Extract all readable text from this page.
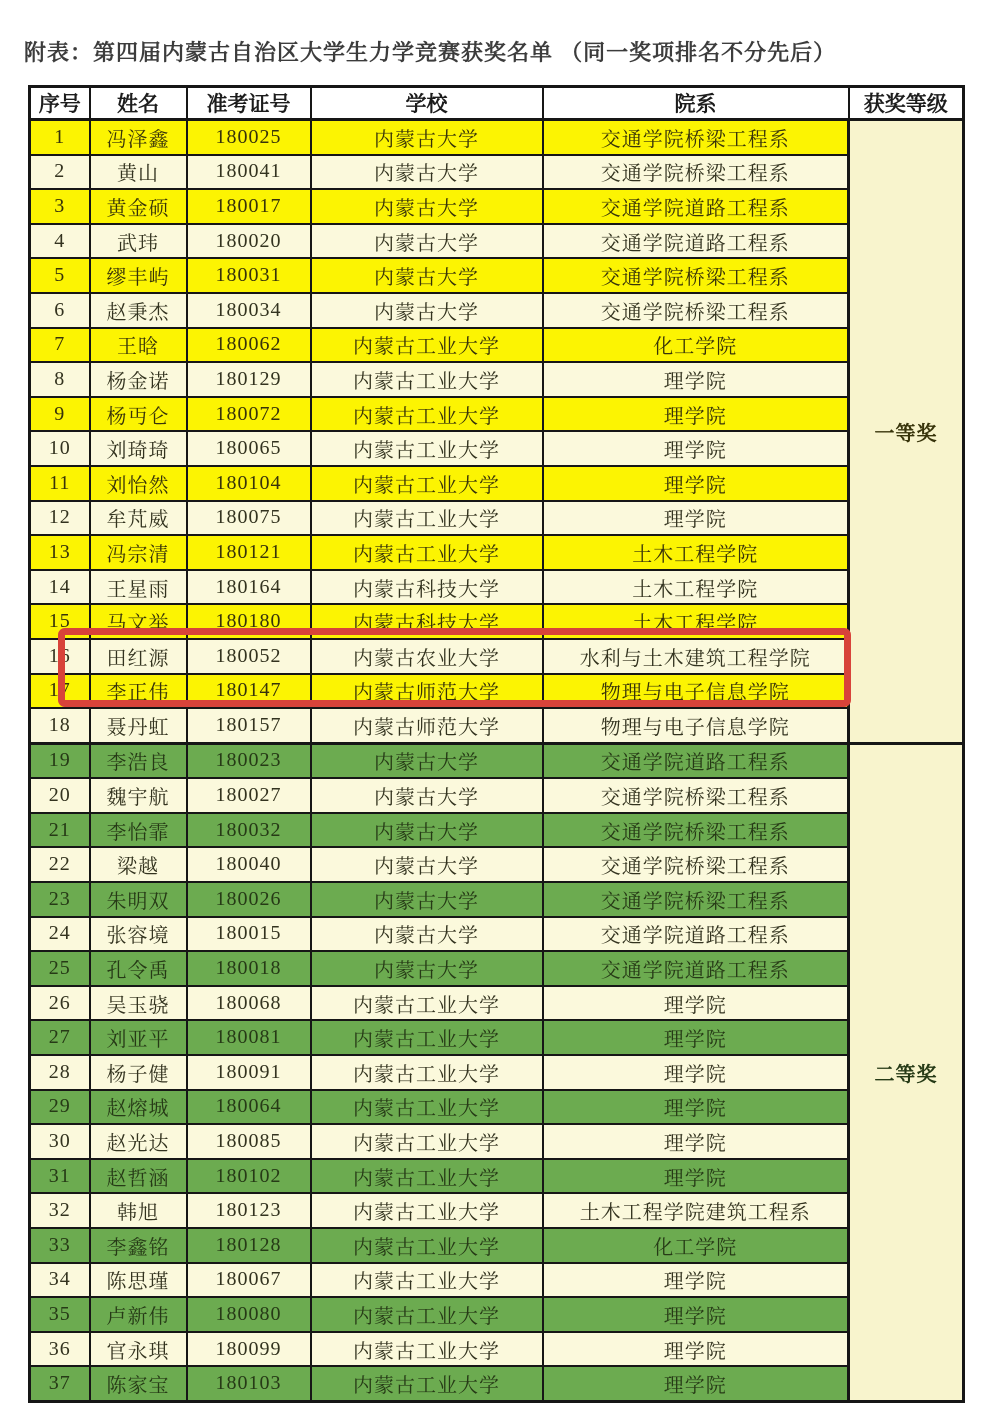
附表：第四届内蒙古自治区大学生力学竞赛获奖名单 （同一奖项排名不分先后）
序号	姓名	准考证号	学校	院系	获奖等级
1	冯泽鑫	180025	内蒙古大学	交通学院桥梁工程系	一等奖
2	黄山	180041	内蒙古大学	交通学院桥梁工程系	
3	黄金硕	180017	内蒙古大学	交通学院道路工程系	
4	武玮	180020	内蒙古大学	交通学院道路工程系	
5	缪丰屿	180031	内蒙古大学	交通学院桥梁工程系	
6	赵秉杰	180034	内蒙古大学	交通学院桥梁工程系	
7	王晗	180062	内蒙古工业大学	化工学院	
8	杨金诺	180129	内蒙古工业大学	理学院	
9	杨丏仑	180072	内蒙古工业大学	理学院	
10	刘琦琦	180065	内蒙古工业大学	理学院	
11	刘怡然	180104	内蒙古工业大学	理学院	
12	牟芃威	180075	内蒙古工业大学	理学院	
13	冯宗清	180121	内蒙古工业大学	土木工程学院	
14	王星雨	180164	内蒙古科技大学	土木工程学院	
15	马文举	180180	内蒙古科技大学	土木工程学院	
16	田红源	180052	内蒙古农业大学	水利与土木建筑工程学院	
17	李正伟	180147	内蒙古师范大学	物理与电子信息学院	
18	聂丹虹	180157	内蒙古师范大学	物理与电子信息学院	
19	李浩良	180023	内蒙古大学	交通学院道路工程系	二等奖
20	魏宇航	180027	内蒙古大学	交通学院桥梁工程系	
21	李怡霏	180032	内蒙古大学	交通学院桥梁工程系	
22	梁越	180040	内蒙古大学	交通学院桥梁工程系	
23	朱明双	180026	内蒙古大学	交通学院桥梁工程系	
24	张容境	180015	内蒙古大学	交通学院道路工程系	
25	孔令禹	180018	内蒙古大学	交通学院道路工程系	
26	吴玉骁	180068	内蒙古工业大学	理学院	
27	刘亚平	180081	内蒙古工业大学	理学院	
28	杨子健	180091	内蒙古工业大学	理学院	
29	赵熔城	180064	内蒙古工业大学	理学院	
30	赵光达	180085	内蒙古工业大学	理学院	
31	赵哲涵	180102	内蒙古工业大学	理学院	
32	韩旭	180123	内蒙古工业大学	土木工程学院建筑工程系	
33	李鑫铭	180128	内蒙古工业大学	化工学院	
34	陈思瑾	180067	内蒙古工业大学	理学院	
35	卢新伟	180080	内蒙古工业大学	理学院	
36	官永琪	180099	内蒙古工业大学	理学院	
37	陈家宝	180103	内蒙古工业大学	理学院	
